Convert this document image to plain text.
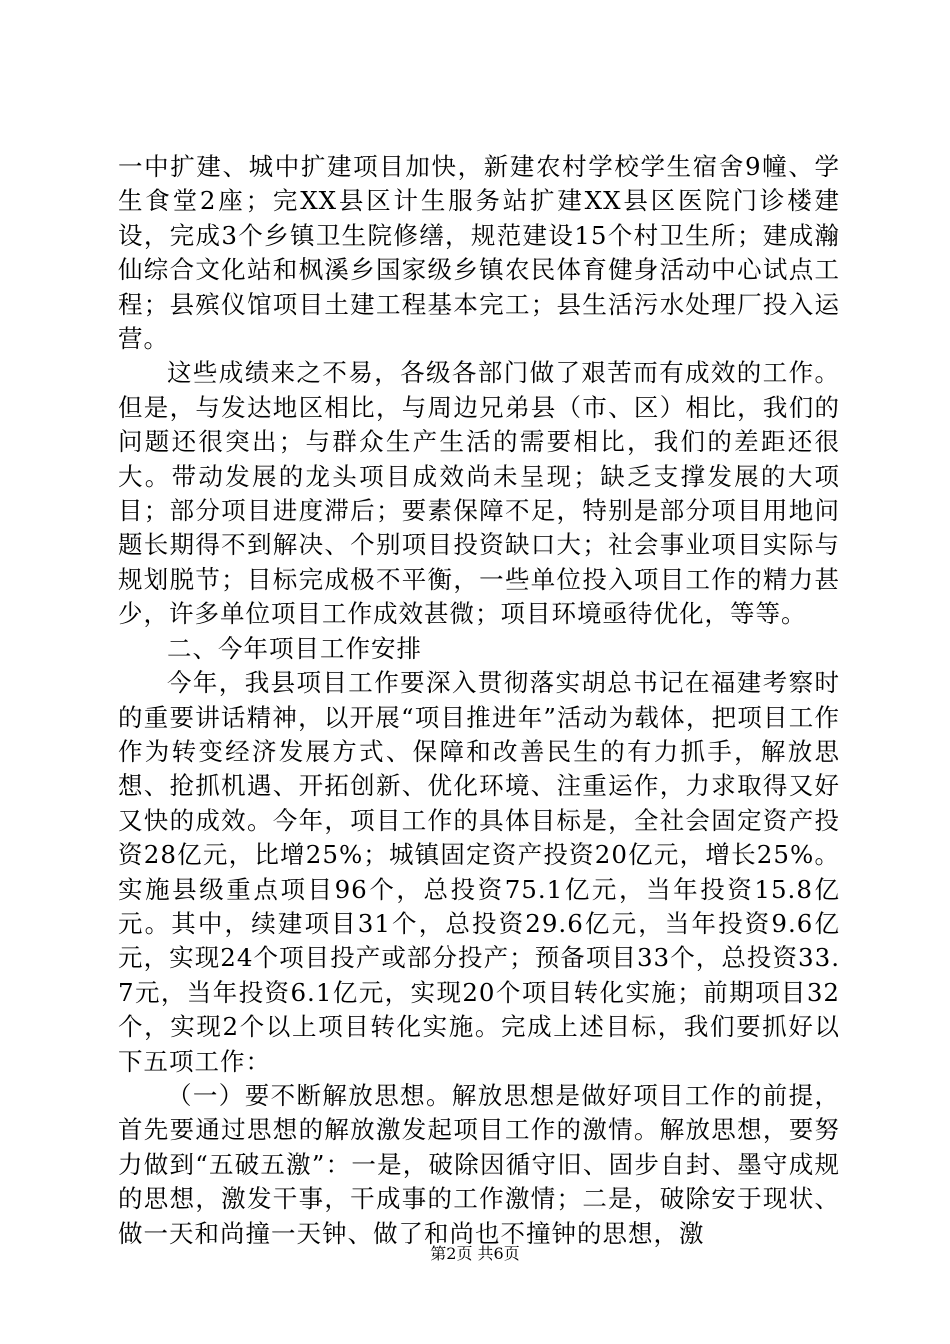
一中扩建、城中扩建项目加快，新建农村学校学生宿舍9幢、学生食堂2座；完XX县区计生服务站扩建XX县区医院门诊楼建设，完成3个乡镇卫生院修缮，规范建设15个村卫生所；建成瀚仙综合文化站和枫溪乡国家级乡镇农民体育健身活动中心试点工程；县殡仪馆项目土建工程基本完工；县生活污水处理厂投入运营。

这些成绩来之不易，各级各部门做了艰苦而有成效的工作。但是，与发达地区相比，与周边兄弟县（市、区）相比，我们的问题还很突出；与群众生产生活的需要相比，我们的差距还很大。带动发展的龙头项目成效尚未呈现；缺乏支撑发展的大项目；部分项目进度滞后；要素保障不足，特别是部分项目用地问题长期得不到解决、个别项目投资缺口大；社会事业项目实际与规划脱节；目标完成极不平衡，一些单位投入项目工作的精力甚少，许多单位项目工作成效甚微；项目环境亟待优化，等等。

二、今年项目工作安排

今年，我县项目工作要深入贯彻落实胡总书记在福建考察时的重要讲话精神，以开展“项目推进年”活动为载体，把项目工作作为转变经济发展方式、保障和改善民生的有力抓手，解放思想、抢抓机遇、开拓创新、优化环境、注重运作，力求取得又好又快的成效。今年，项目工作的具体目标是，全社会固定资产投资28亿元，比增25%；城镇固定资产投资20亿元，增长25%。实施县级重点项目96个，总投资75.1亿元，当年投资15.8亿元。其中，续建项目31个，总投资29.6亿元，当年投资9.6亿元，实现24个项目投产或部分投产；预备项目33个，总投资33.7元，当年投资6.1亿元，实现20个项目转化实施；前期项目32个，实现2个以上项目转化实施。完成上述目标，我们要抓好以下五项工作：

（一）要不断解放思想。解放思想是做好项目工作的前提，首先要通过思想的解放激发起项目工作的激情。解放思想，要努力做到“五破五激”：一是，破除因循守旧、固步自封、墨守成规的思想，激发干事，干成事的工作激情；二是，破除安于现状、做一天和尚撞一天钟、做了和尚也不撞钟的思想，激

第2页 共6页
